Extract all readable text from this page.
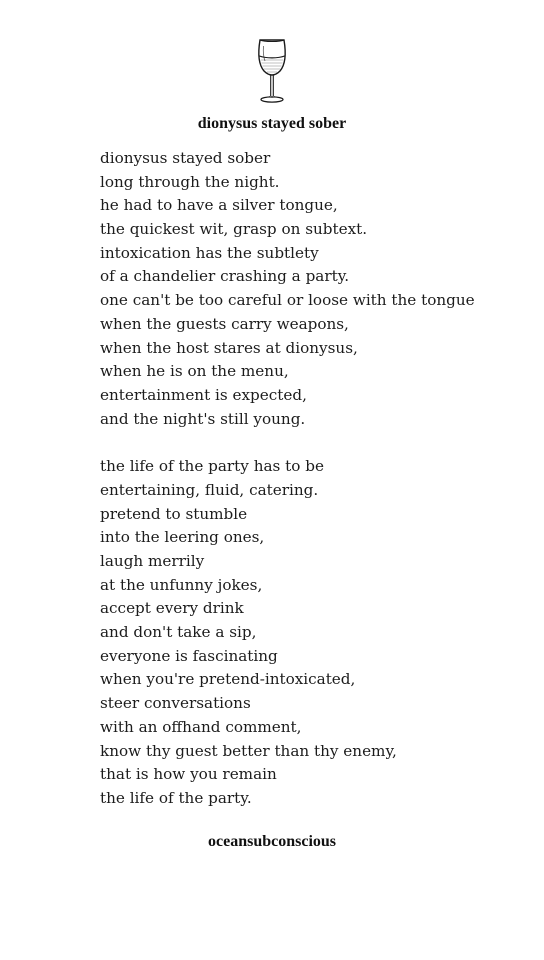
dionysus stayed sober
dionysus stayed sober
long through the night.
he had to have a silver tongue,
the quickest wit, grasp on subtext.
intoxication has the subtlety
of a chandelier crashing a party.
one can't be too careful or loose with the tongue
when the guests carry weapons,
when the host stares at dionysus,
when he is on the menu,
entertainment is expected,
and the night's still young.
the life of the party has to be
entertaining, fluid, catering.
pretend to stumble
into the leering ones,
laugh merrily
at the unfunny jokes,
accept every drink
and don't take a sip,
everyone is fascinating
when you're pretend-intoxicated,
steer conversations
with an offhand comment,
know thy guest better than thy enemy,
that is how you remain
the life of the party.
oceansubconscious
